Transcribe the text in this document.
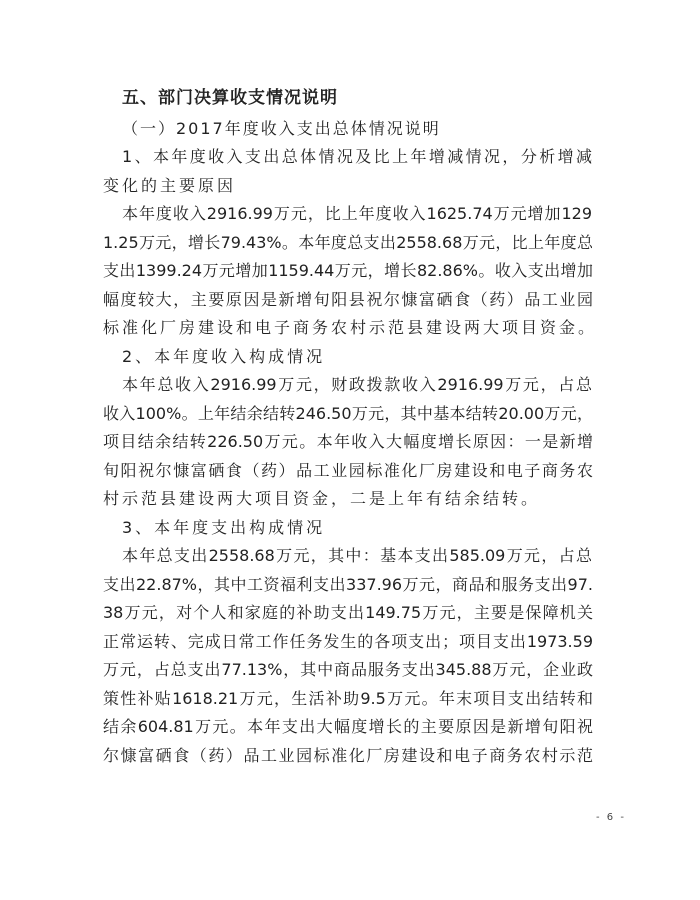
五、部门决算收支情况说明
（一）2017年度收入支出总体情况说明
1、本年度收入支出总体情况及比上年增减情况，分析增减
变化的主要原因
本年度收入2916.99万元，比上年度收入1625.74万元增加129
1.25万元，增长79.43%。本年度总支出2558.68万元，比上年度总
支出1399.24万元增加1159.44万元，增长82.86%。收入支出增加
幅度较大，主要原因是新增旬阳县祝尔慷富硒食（药）品工业园
标准化厂房建设和电子商务农村示范县建设两大项目资金。
2、本年度收入构成情况
本年总收入2916.99万元，财政拨款收入2916.99万元，占总
收入100%。上年结余结转246.50万元，其中基本结转20.00万元，
项目结余结转226.50万元。本年收入大幅度增长原因：一是新增
旬阳祝尔慷富硒食（药）品工业园标准化厂房建设和电子商务农
村示范县建设两大项目资金，二是上年有结余结转。
3、本年度支出构成情况
本年总支出2558.68万元，其中：基本支出585.09万元，占总
支出22.87%，其中工资福利支出337.96万元，商品和服务支出97.
38万元，对个人和家庭的补助支出149.75万元，主要是保障机关
正常运转、完成日常工作任务发生的各项支出；项目支出1973.59
万元，占总支出77.13%，其中商品服务支出345.88万元，企业政
策性补贴1618.21万元，生活补助9.5万元。年末项目支出结转和
结余604.81万元。本年支出大幅度增长的主要原因是新增旬阳祝
尔慷富硒食（药）品工业园标准化厂房建设和电子商务农村示范
- 6 -
